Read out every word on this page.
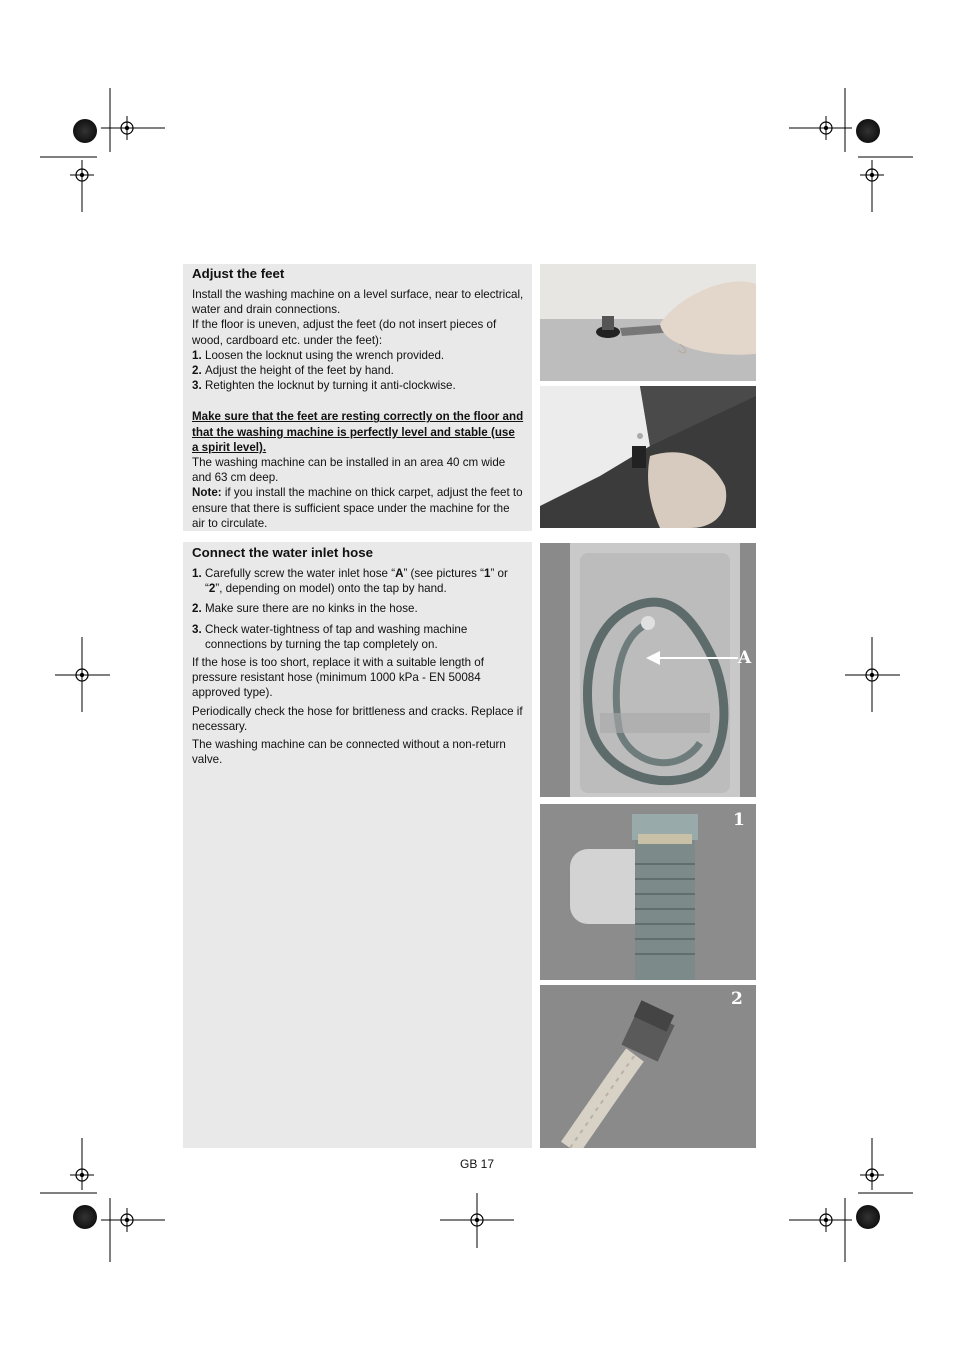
Adjust the feet

Install the washing machine on a level surface, near to electrical, water and drain connections.

If the floor is uneven, adjust the feet (do not insert pieces of wood, cardboard etc. under the feet):

1. Loosen the locknut using the wrench provided.
2. Adjust the height of the feet by hand.
3. Retighten the locknut by turning it anti-clockwise.

Make sure that the feet are resting correctly on the floor and that the washing machine is perfectly level and stable (use a spirit level).

The washing machine can be installed in an area 40 cm wide and 63 cm deep.

Note: if you install the machine on thick carpet, adjust the feet to ensure that there is sufficient space under the machine for the air to circulate.

Connect the water inlet hose
1. Carefully screw the water inlet hose “A” (see pictures “1” or “2”, depending on model) onto the tap by hand.
2. Make sure there are no kinks in the hose.
3. Check water-tightness of tap and washing machine connections by turning the tap completely on.

If the hose is too short, replace it with a suitable length of pressure resistant hose (minimum 1000 kPa - EN 50084 approved type).

Periodically check the hose for brittleness and cracks. Replace if necessary.

The washing machine can be connected without a non-return valve.

A
1
2
GB 17
